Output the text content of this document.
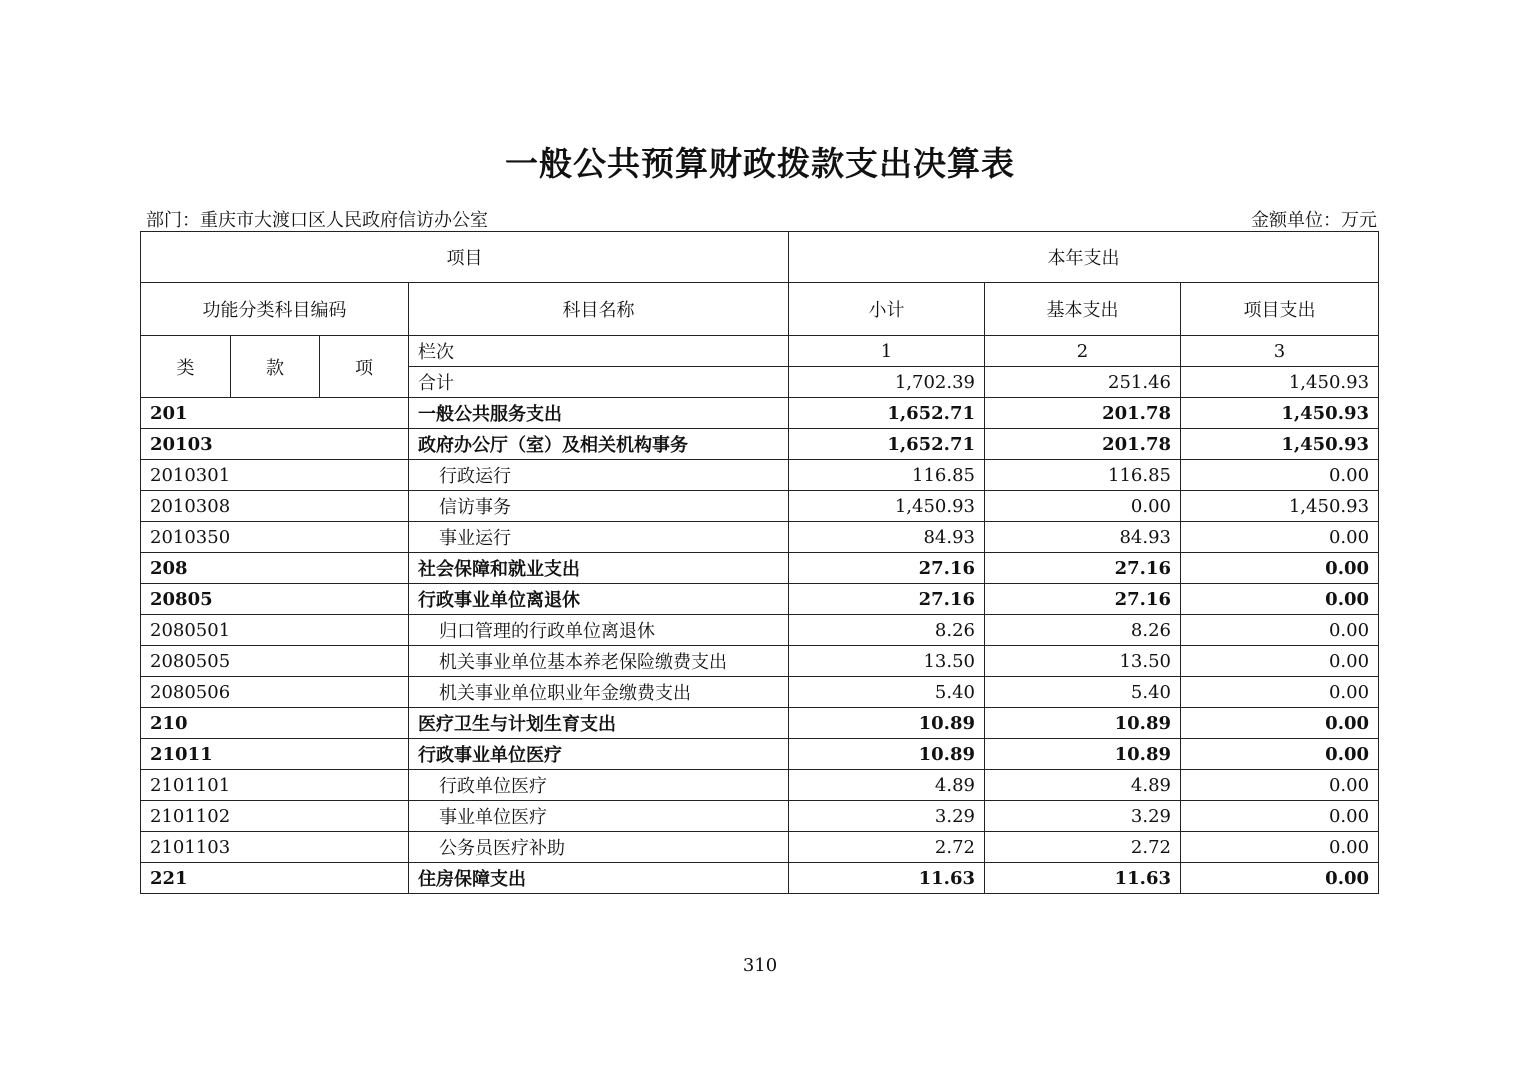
一般公共预算财政拨款支出决算表
部门：重庆市大渡口区人民政府信访办公室	金额单位：万元
项目				本年支出		
功能分类科目编码			科目名称	小计	基本支出	项目支出
类	款	项	栏次	1	2	3
			合计	1,702.39	251.46	1,450.93
201			一般公共服务支出	1,652.71	201.78	1,450.93
20103			政府办公厅（室）及相关机构事务	1,652.71	201.78	1,450.93
2010301			行政运行	116.85	116.85	0.00
2010308			信访事务	1,450.93	0.00	1,450.93
2010350			事业运行	84.93	84.93	0.00
208			社会保障和就业支出	27.16	27.16	0.00
20805			行政事业单位离退休	27.16	27.16	0.00
2080501			归口管理的行政单位离退休	8.26	8.26	0.00
2080505			机关事业单位基本养老保险缴费支出	13.50	13.50	0.00
2080506			机关事业单位职业年金缴费支出	5.40	5.40	0.00
210			医疗卫生与计划生育支出	10.89	10.89	0.00
21011			行政事业单位医疗	10.89	10.89	0.00
2101101			行政单位医疗	4.89	4.89	0.00
2101102			事业单位医疗	3.29	3.29	0.00
2101103			公务员医疗补助	2.72	2.72	0.00
221			住房保障支出	11.63	11.63	0.00
310
